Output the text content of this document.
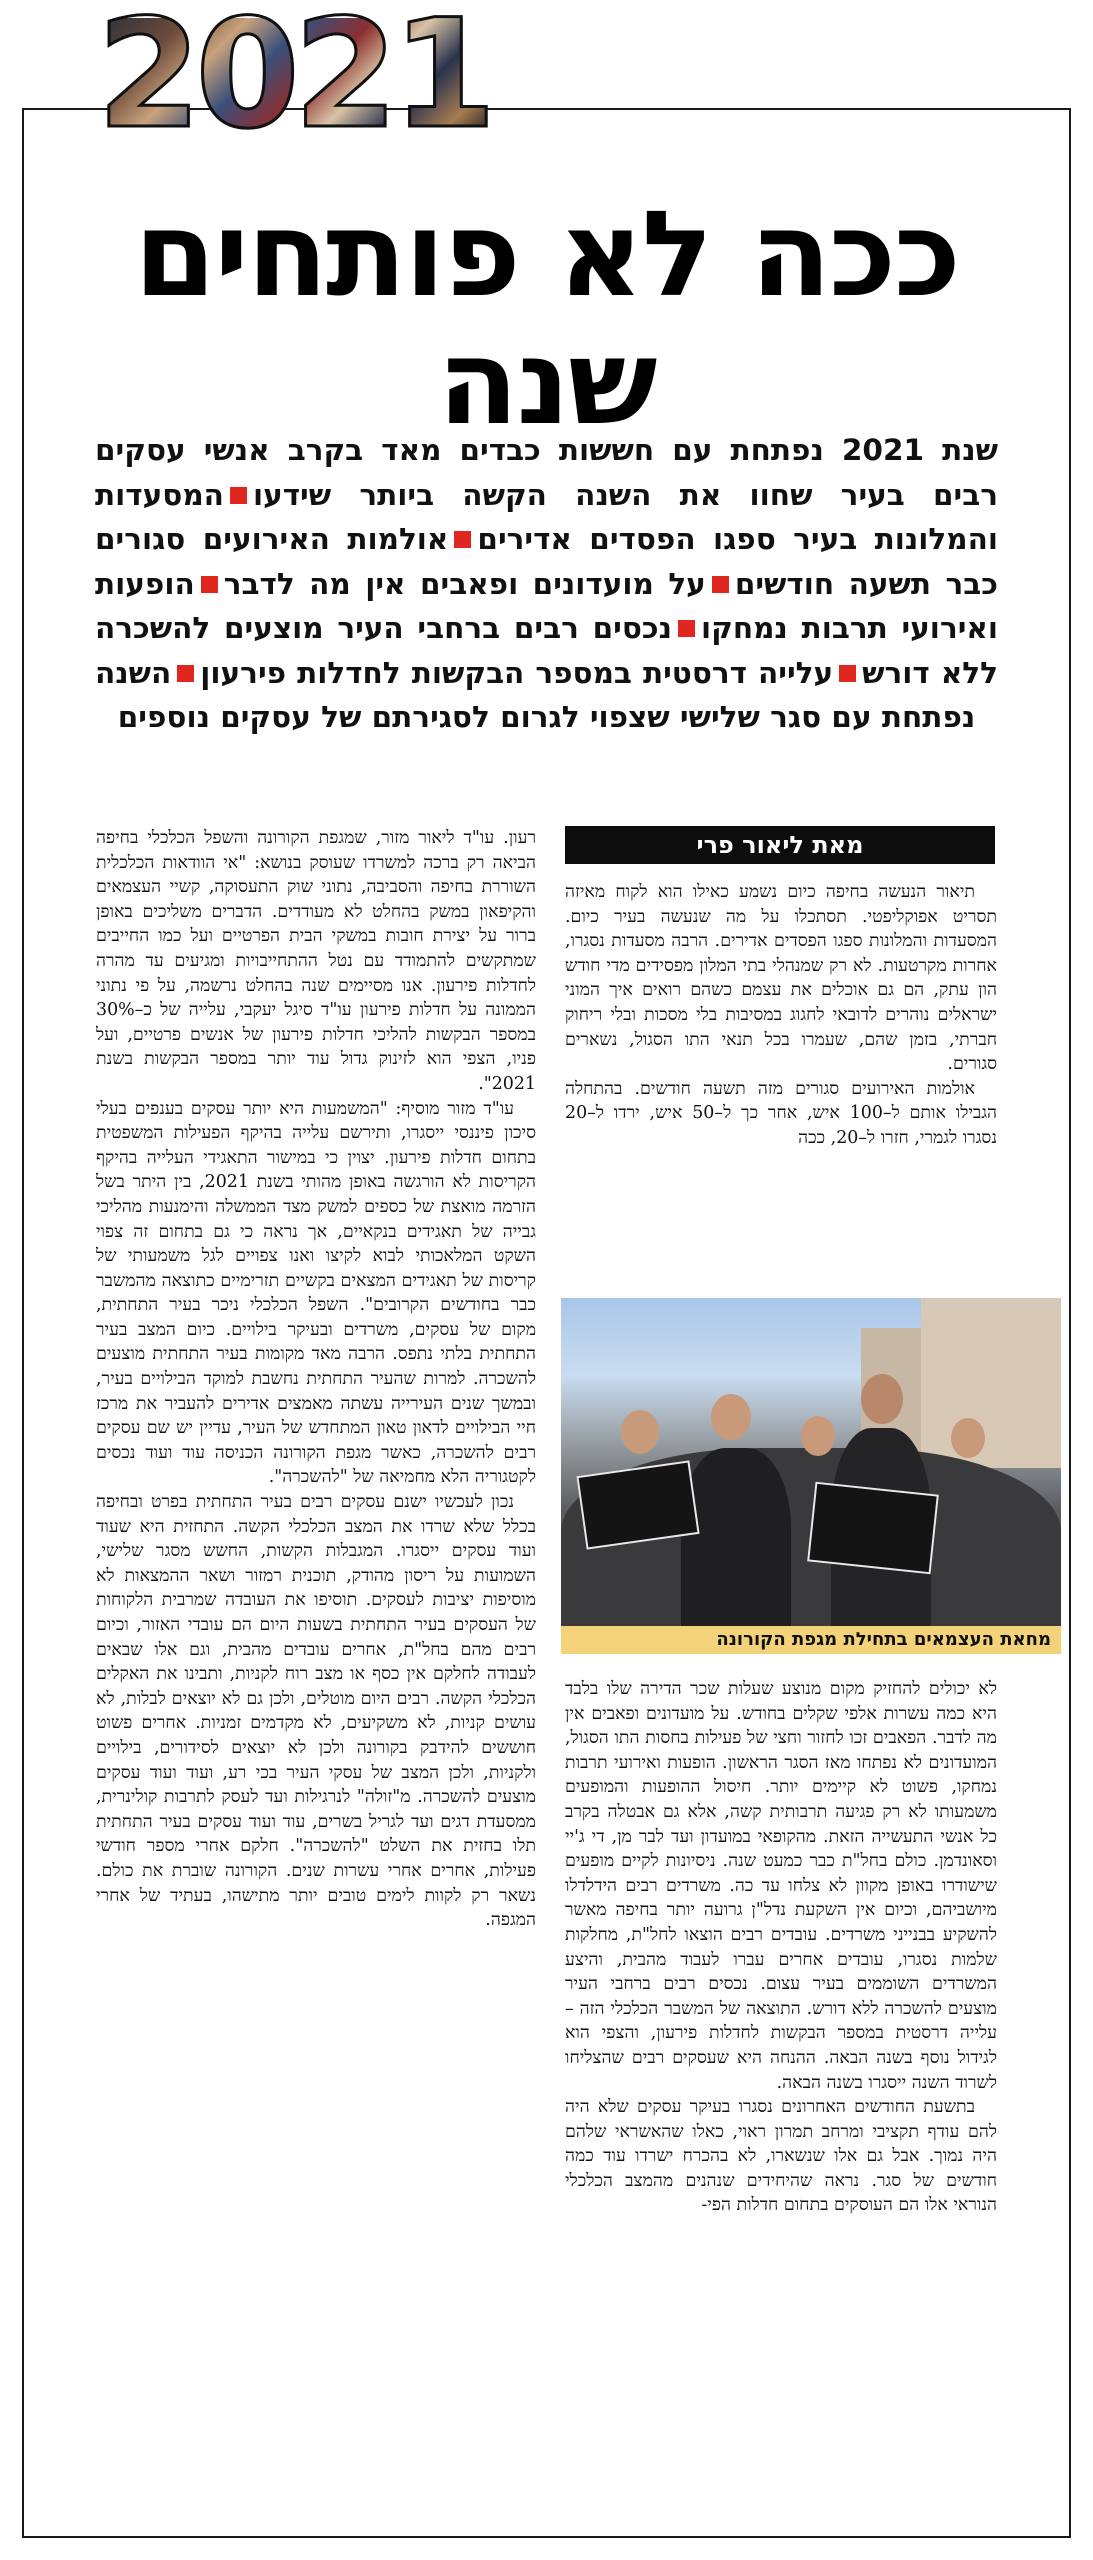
2021
ככה לא פותחים שנה
שנת 2021 נפתחת עם חששות כבדים מאד בקרב אנשי עסקים רבים בעיר שחוו את השנה הקשה ביותר שידעוהמסעדות והמלונות בעיר ספגו הפסדים אדיריםאולמות האירועים סגורים כבר תשעה חודשיםעל מועדונים ופאבים אין מה לדברהופעות ואירועי תרבות נמחקונכסים רבים ברחבי העיר מוצעים להשכרה ללא דורשעלייה דרסטית במספר הבקשות לחדלות פירעוןהשנה נפתחת עם סגר שלישי שצפוי לגרום לסגירתם של עסקים נוספים
מאת ליאור פרי

תיאור הנעשה בחיפה כיום נשמע כאילו הוא לקוח מאיזה תסריט אפוקליפטי. תסתכלו על מה שנעשה בעיר כיום. המסעדות והמלונות ספגו הפסדים אדירים. הרבה מסעדות נסגרו, אחרות מקרטעות. לא רק שמנהלי בתי המלון מפסידים מדי חודש הון עתק, הם גם אוכלים את עצמם כשהם רואים איך המוני ישראלים נוהרים לדובאי לחגוג במסיבות בלי מסכות ובלי ריחוק חברתי, בזמן שהם, שעמרו בכל תנאי התו הסגול, נשארים סגורים.

אולמות האירועים סגורים מזה תשעה חודשים. בהתחלה הגבילו אותם ל–100 איש, אחר כך ל–50 איש, ירדו ל–20 נסגרו לגמרי, חזרו ל–20, ככה

מחאת העצמאים בתחילת מגפת הקורונה

לא יכולים להחזיק מקום מנוצע שעלות שכר הדירה שלו בלבד היא כמה עשרות אלפי שקלים בחודש. על מועדונים ופאבים אין מה לדבר. הפאבים זכו לחזור וחצי של פעילות בחסות התו הסגול, המועדונים לא נפתחו מאז הסגר הראשון. הופעות ואירועי תרבות נמחקו, פשוט לא קיימים יותר. חיסול ההופעות והמופעים משמעותו לא רק פגיעה תרבותית קשה, אלא גם אבטלה בקרב כל אנשי התעשייה הזאת. מהקופאי במועדון ועד לבר מן, די ג'יי וסאונדמן. כולם בחל"ת כבר כמעט שנה. ניסיונות לקיים מופעים שישודרו באופן מקוון לא צלחו עד כה. משרדים רבים הידלדלו מיושביהם, וכיום אין השקעת נדל"ן גרועה יותר בחיפה מאשר להשקיע בבנייני משרדים. עובדים רבים הוצאו לחל"ת, מחלקות שלמות נסגרו, עובדים אחרים עברו לעבוד מהבית, והיצע המשרדים השוממים בעיר עצום. נכסים רבים ברחבי העיר מוצעים להשכרה ללא דורש. התוצאה של המשבר הכלכלי הזה – עלייה דרסטית במספר הבקשות לחדלות פירעון, והצפי הוא לגידול נוסף בשנה הבאה. ההנחה היא שעסקים רבים שהצליחו לשרוד השנה ייסגרו בשנה הבאה.

בתשעת החודשים האחרונים נסגרו בעיקר עסקים שלא היה להם עודף תקציבי ומרחב תמרון ראוי, כאלו שהאשראי שלהם היה נמוך. אבל גם אלו שנשארו, לא בהכרח ישרדו עוד כמה חודשים של סגר. נראה שהיחידים שנהנים מהמצב הכלכלי הנוראי אלו הם העוסקים בתחום חדלות הפי-

רעון. עו"ד ליאור מזור, שמגפת הקורונה והשפל הכלכלי בחיפה הביאה רק ברכה למשרדו שעוסק בנושא: "אי הוודאות הכלכלית השוררת בחיפה והסביבה, נתוני שוק התעסוקה, קשיי העצמאים והקיפאון במשק בהחלט לא מעודדים. הדברים משליכים באופן ברור על יצירת חובות במשקי הבית הפרטיים ועל כמו החייבים שמתקשים להתמודד עם נטל ההתחייבויות ומגיעים עד מהרה לחדלות פירעון. אנו מסיימים שנה בהחלט נרשמה, על פי נתוני הממונה על חדלות פירעון עו"ד סיגל יעקבי, עלייה של כ–30% במספר הבקשות להליכי חדלות פירעון של אנשים פרטיים, ועל פניו, הצפי הוא לזינוק גדול עוד יותר במספר הבקשות בשנת 2021".

עו"ד מזור מוסיף: "המשמעות היא יותר עסקים בענפים בעלי סיכון פיננסי ייסגרו, ותירשם עלייה בהיקף הפעילות המשפטית בתחום חדלות פירעון. יצוין כי במישור התאגידי העלייה בהיקף הקריסות לא הורגשה באופן מהותי בשנת 2021, בין היתר בשל הזרמה מואצת של כספים למשק מצד הממשלה והימנעות מהליכי גבייה של תאגידים בנקאיים, אך נראה כי גם בתחום זה צפוי השקט המלאכותי לבוא לקיצו ואנו צפויים לגל משמעותי של קריסות של תאגידים המצאים בקשיים תזרימיים כתוצאה מהמשבר כבר בחודשים הקרובים". השפל הכלכלי ניכר בעיר התחתית, מקום של עסקים, משרדים ובעיקר בילויים. כיום המצב בעיר התחתית בלתי נתפס. הרבה מאד מקומות בעיר התחתית מוצעים להשכרה. למרות שהעיר התחתית נחשבת למוקד הבילויים בעיר, ובמשך שנים העירייה עשתה מאמצים אדירים להעביר את מרכז חיי הבילויים לדאון טאון המתחדש של העיר, עדיין יש שם עסקים רבים להשכרה, כאשר מגפת הקורונה הכניסה עוד ועוד נכסים לקטגוריה הלא מחמיאה של "להשכרה".

נכון לעכשיו ישנם עסקים רבים בעיר התחתית בפרט ובחיפה בכלל שלא שרדו את המצב הכלכלי הקשה. התחזית היא שעוד ועוד עסקים ייסגרו. המגבלות הקשות, החשש מסגר שלישי, השמועות על ריסון מהודק, תוכנית רמזור ושאר ההמצאות לא מוסיפות יציבות לעסקים. תוסיפו את העובדה שמרבית הלקוחות של העסקים בעיר התחתית בשעות היום הם עובדי האזור, וכיום רבים מהם בחל"ת, אחרים עובדים מהבית, וגם אלו שבאים לעבודה לחלקם אין כסף או מצב רוח לקניות, ותבינו את האקלים הכלכלי הקשה. רבים היום מוטלים, ולכן גם לא יוצאים לבלות, לא עושים קניות, לא משקיעים, לא מקדמים זמניות. אחרים פשוט חוששים להידבק בקורונה ולכן לא יוצאים לסידורים, בילויים ולקניות, ולכן המצב של עסקי העיר בכי רע, ועוד ועוד עסקים מוצעים להשכרה. מ"זולה" לנרגילות ועד לעסק לתרבות קולינרית, ממסעדת דגים ועד לגריל בשרים, עוד ועוד עסקים בעיר התחתית תלו בחזית את השלט "להשכרה". חלקם אחרי מספר חודשי פעילות, אחרים אחרי עשרות שנים. הקורונה שוברת את כולם. נשאר רק לקוות לימים טובים יותר מתישהו, בעתיד של אחרי המגפה.
